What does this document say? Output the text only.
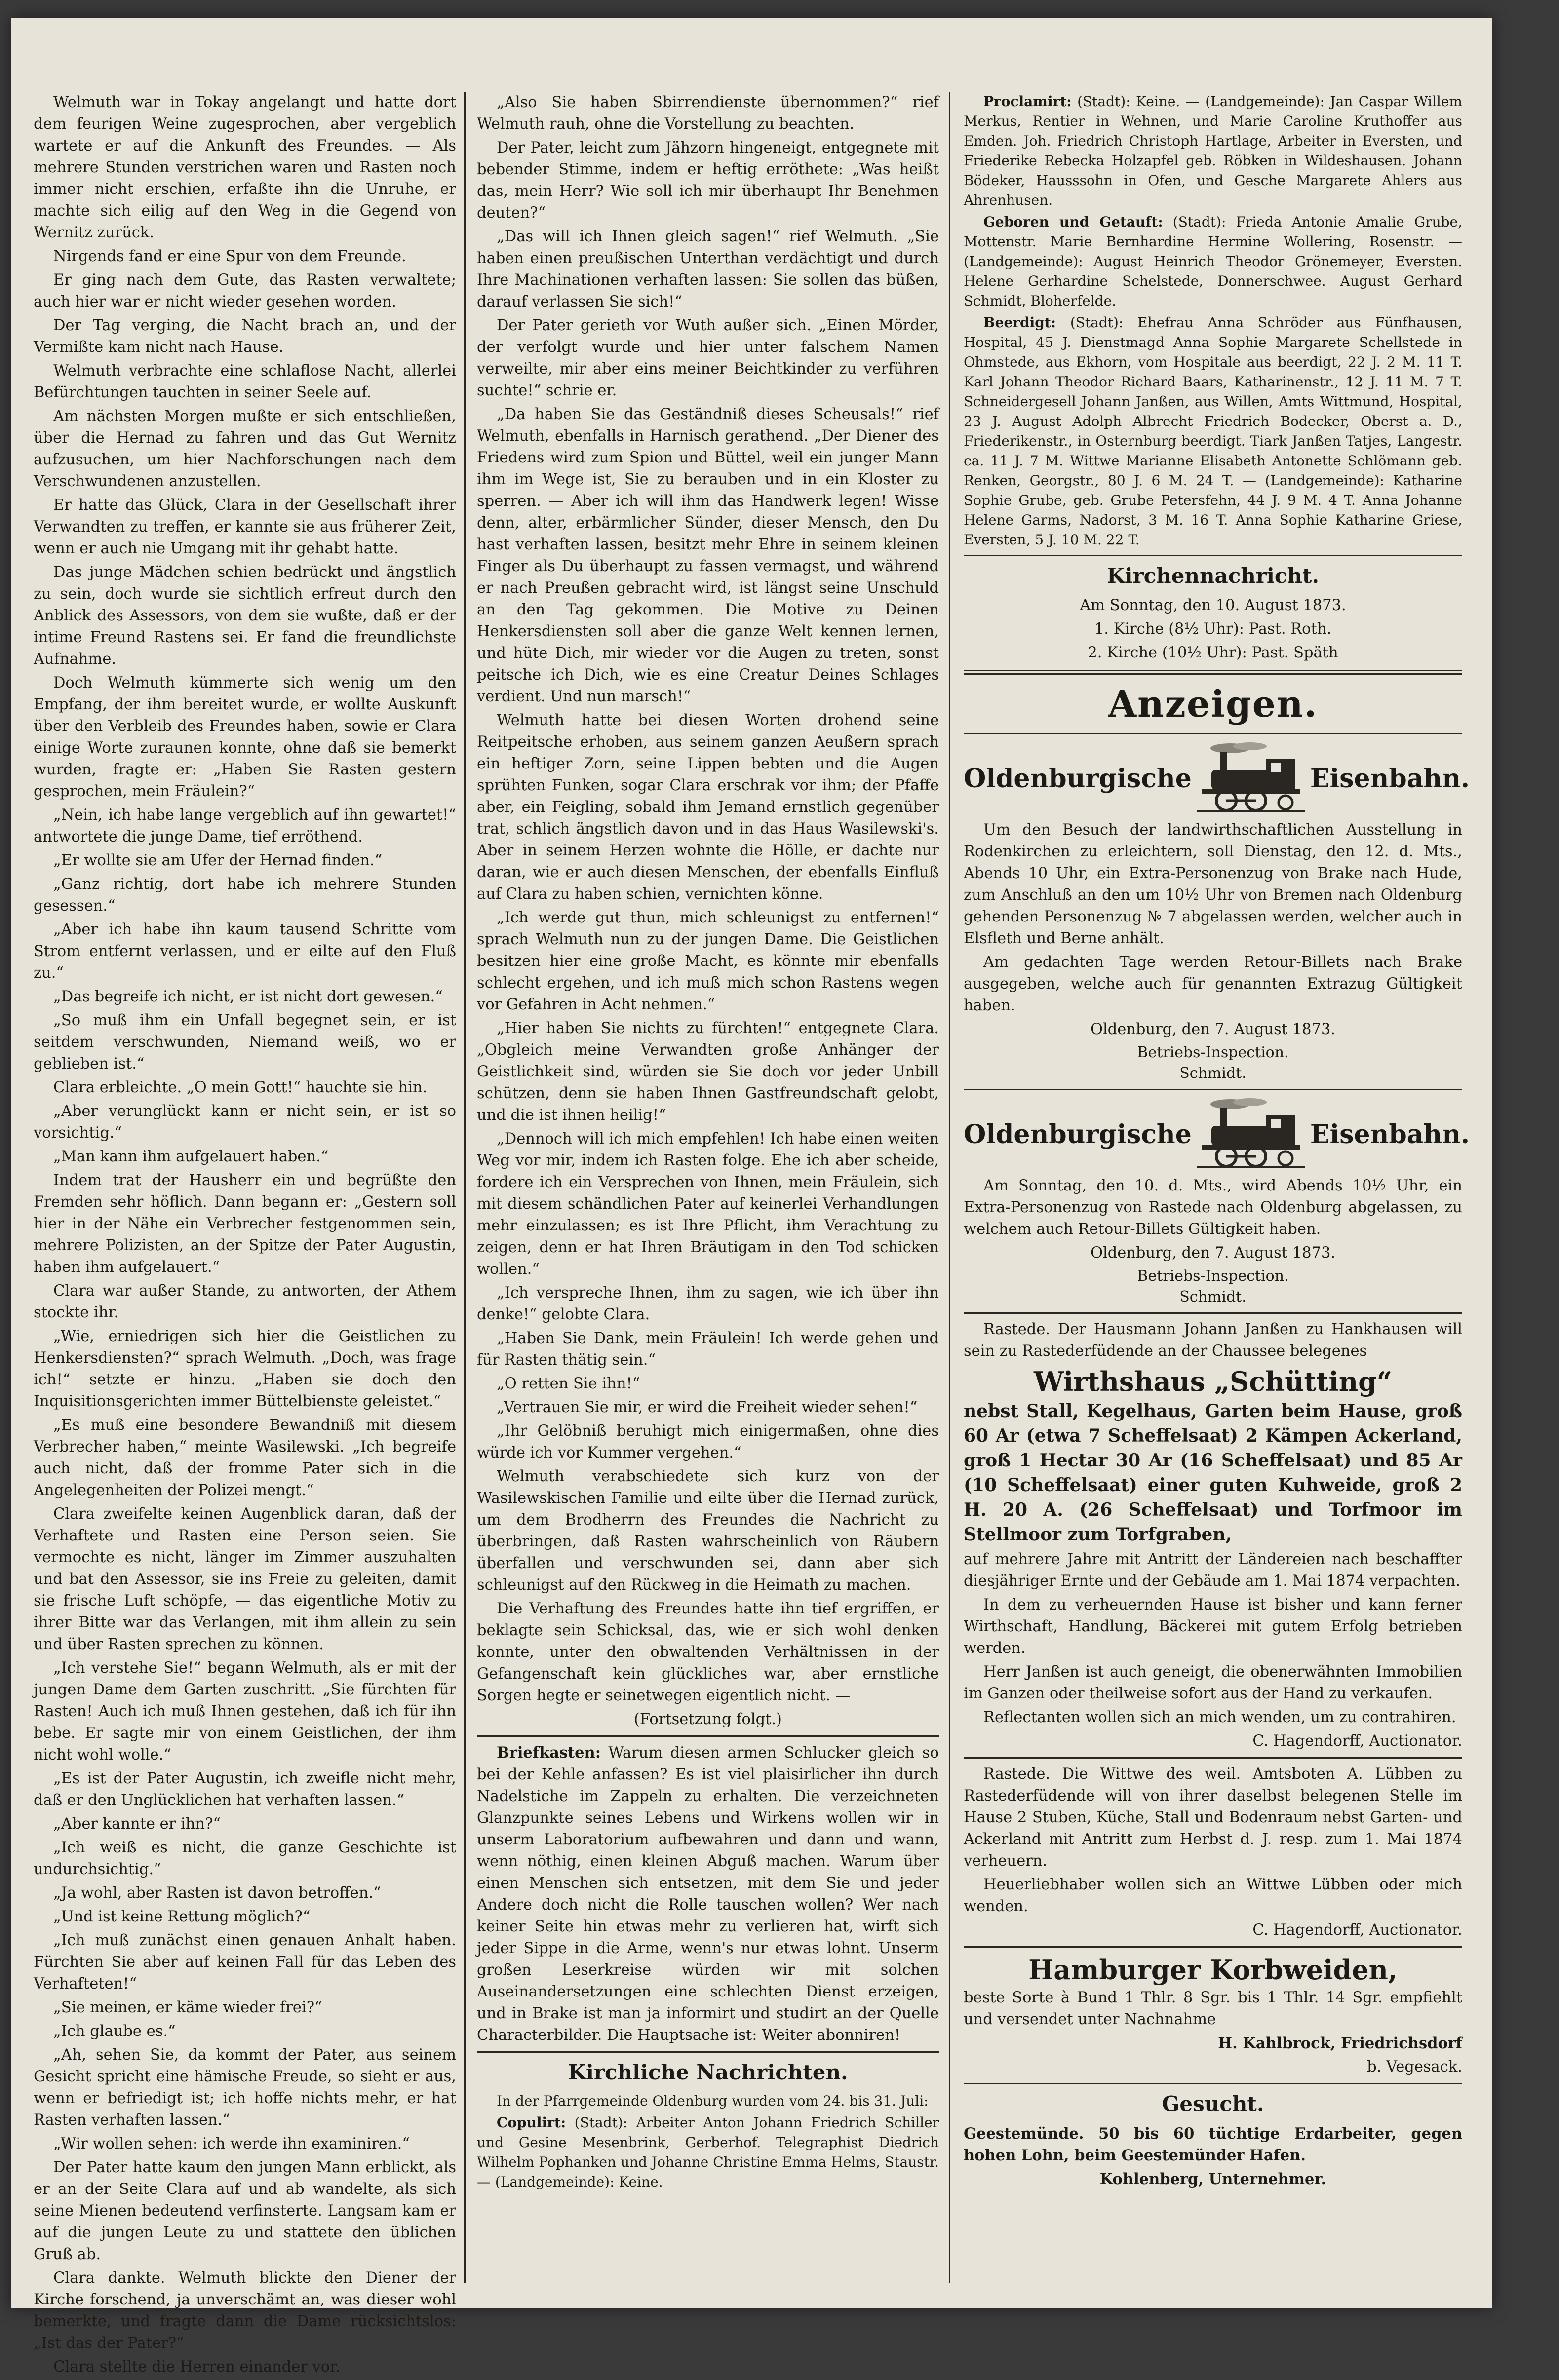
Welmuth war in Tokay angelangt und hatte dort dem feurigen Weine zugesprochen, aber vergeblich wartete er auf die Ankunft des Freundes. — Als mehrere Stunden verstrichen waren und Rasten noch immer nicht erschien, erfaßte ihn die Unruhe, er machte sich eilig auf den Weg in die Gegend von Wernitz zurück.

Nirgends fand er eine Spur von dem Freunde.

Er ging nach dem Gute, das Rasten verwaltete; auch hier war er nicht wieder gesehen worden.

Der Tag verging, die Nacht brach an, und der Vermißte kam nicht nach Hause.

Welmuth verbrachte eine schlaflose Nacht, allerlei Befürchtungen tauchten in seiner Seele auf.

Am nächsten Morgen mußte er sich entschließen, über die Hernad zu fahren und das Gut Wernitz aufzusuchen, um hier Nachforschungen nach dem Verschwundenen anzustellen.

Er hatte das Glück, Clara in der Gesellschaft ihrer Verwandten zu treffen, er kannte sie aus früherer Zeit, wenn er auch nie Umgang mit ihr gehabt hatte.

Das junge Mädchen schien bedrückt und ängstlich zu sein, doch wurde sie sichtlich erfreut durch den Anblick des Assessors, von dem sie wußte, daß er der intime Freund Rastens sei. Er fand die freundlichste Aufnahme.

Doch Welmuth kümmerte sich wenig um den Empfang, der ihm bereitet wurde, er wollte Auskunft über den Verbleib des Freundes haben, sowie er Clara einige Worte zuraunen konnte, ohne daß sie bemerkt wurden, fragte er: „Haben Sie Rasten gestern gesprochen, mein Fräulein?“

„Nein, ich habe lange vergeblich auf ihn gewartet!“ antwortete die junge Dame, tief erröthend.

„Er wollte sie am Ufer der Hernad finden.“

„Ganz richtig, dort habe ich mehrere Stunden gesessen.“

„Aber ich habe ihn kaum tausend Schritte vom Strom entfernt verlassen, und er eilte auf den Fluß zu.“

„Das begreife ich nicht, er ist nicht dort gewesen.“

„So muß ihm ein Unfall begegnet sein, er ist seitdem verschwunden, Niemand weiß, wo er geblieben ist.“

Clara erbleichte. „O mein Gott!“ hauchte sie hin.

„Aber verunglückt kann er nicht sein, er ist so vorsichtig.“

„Man kann ihm aufgelauert haben.“

Indem trat der Hausherr ein und begrüßte den Fremden sehr höflich. Dann begann er: „Gestern soll hier in der Nähe ein Verbrecher festgenommen sein, mehrere Polizisten, an der Spitze der Pater Augustin, haben ihm aufgelauert.“

Clara war außer Stande, zu antworten, der Athem stockte ihr.

„Wie, erniedrigen sich hier die Geistlichen zu Henkersdiensten?“ sprach Welmuth. „Doch, was frage ich!“ setzte er hinzu. „Haben sie doch den Inquisitionsgerichten immer Büttelbienste geleistet.“

„Es muß eine besondere Bewandniß mit diesem Verbrecher haben,“ meinte Wasilewski. „Ich begreife auch nicht, daß der fromme Pater sich in die Angelegenheiten der Polizei mengt.“

Clara zweifelte keinen Augenblick daran, daß der Verhaftete und Rasten eine Person seien. Sie vermochte es nicht, länger im Zimmer auszuhalten und bat den Assessor, sie ins Freie zu geleiten, damit sie frische Luft schöpfe, — das eigentliche Motiv zu ihrer Bitte war das Verlangen, mit ihm allein zu sein und über Rasten sprechen zu können.

„Ich verstehe Sie!“ begann Welmuth, als er mit der jungen Dame dem Garten zuschritt. „Sie fürchten für Rasten! Auch ich muß Ihnen gestehen, daß ich für ihn bebe. Er sagte mir von einem Geistlichen, der ihm nicht wohl wolle.“

„Es ist der Pater Augustin, ich zweifle nicht mehr, daß er den Unglücklichen hat verhaften lassen.“

„Aber kannte er ihn?“

„Ich weiß es nicht, die ganze Geschichte ist undurchsichtig.“

„Ja wohl, aber Rasten ist davon betroffen.“

„Und ist keine Rettung möglich?“

„Ich muß zunächst einen genauen Anhalt haben. Fürchten Sie aber auf keinen Fall für das Leben des Verhafteten!“

„Sie meinen, er käme wieder frei?“

„Ich glaube es.“

„Ah, sehen Sie, da kommt der Pater, aus seinem Gesicht spricht eine hämische Freude, so sieht er aus, wenn er befriedigt ist; ich hoffe nichts mehr, er hat Rasten verhaften lassen.“

„Wir wollen sehen: ich werde ihn examiniren.“

Der Pater hatte kaum den jungen Mann erblickt, als er an der Seite Clara auf und ab wandelte, als sich seine Mienen bedeutend verfinsterte. Langsam kam er auf die jungen Leute zu und stattete den üblichen Gruß ab.

Clara dankte. Welmuth blickte den Diener der Kirche forschend, ja unverschämt an, was dieser wohl bemerkte, und fragte dann die Dame rücksichtslos: „Ist das der Pater?“

Clara stellte die Herren einander vor.

„Also Sie haben Sbirrendienste übernommen?“ rief Welmuth rauh, ohne die Vorstellung zu beachten.

Der Pater, leicht zum Jähzorn hingeneigt, entgegnete mit bebender Stimme, indem er heftig erröthete: „Was heißt das, mein Herr? Wie soll ich mir überhaupt Ihr Benehmen deuten?“

„Das will ich Ihnen gleich sagen!“ rief Welmuth. „Sie haben einen preußischen Unterthan verdächtigt und durch Ihre Machinationen verhaften lassen: Sie sollen das büßen, darauf verlassen Sie sich!“

Der Pater gerieth vor Wuth außer sich. „Einen Mörder, der verfolgt wurde und hier unter falschem Namen verweilte, mir aber eins meiner Beichtkinder zu verführen suchte!“ schrie er.

„Da haben Sie das Geständniß dieses Scheusals!“ rief Welmuth, ebenfalls in Harnisch gerathend. „Der Diener des Friedens wird zum Spion und Büttel, weil ein junger Mann ihm im Wege ist, Sie zu berauben und in ein Kloster zu sperren. — Aber ich will ihm das Handwerk legen! Wisse denn, alter, erbärmlicher Sünder, dieser Mensch, den Du hast verhaften lassen, besitzt mehr Ehre in seinem kleinen Finger als Du überhaupt zu fassen vermagst, und während er nach Preußen gebracht wird, ist längst seine Unschuld an den Tag gekommen. Die Motive zu Deinen Henkersdiensten soll aber die ganze Welt kennen lernen, und hüte Dich, mir wieder vor die Augen zu treten, sonst peitsche ich Dich, wie es eine Creatur Deines Schlages verdient. Und nun marsch!“

Welmuth hatte bei diesen Worten drohend seine Reitpeitsche erhoben, aus seinem ganzen Aeußern sprach ein heftiger Zorn, seine Lippen bebten und die Augen sprühten Funken, sogar Clara erschrak vor ihm; der Pfaffe aber, ein Feigling, sobald ihm Jemand ernstlich gegenüber trat, schlich ängstlich davon und in das Haus Wasilewski's. Aber in seinem Herzen wohnte die Hölle, er dachte nur daran, wie er auch diesen Menschen, der ebenfalls Einfluß auf Clara zu haben schien, vernichten könne.

„Ich werde gut thun, mich schleunigst zu entfernen!“ sprach Welmuth nun zu der jungen Dame. Die Geistlichen besitzen hier eine große Macht, es könnte mir ebenfalls schlecht ergehen, und ich muß mich schon Rastens wegen vor Gefahren in Acht nehmen.“

„Hier haben Sie nichts zu fürchten!“ entgegnete Clara. „Obgleich meine Verwandten große Anhänger der Geistlichkeit sind, würden sie Sie doch vor jeder Unbill schützen, denn sie haben Ihnen Gastfreundschaft gelobt, und die ist ihnen heilig!“

„Dennoch will ich mich empfehlen! Ich habe einen weiten Weg vor mir, indem ich Rasten folge. Ehe ich aber scheide, fordere ich ein Versprechen von Ihnen, mein Fräulein, sich mit diesem schändlichen Pater auf keinerlei Verhandlungen mehr einzulassen; es ist Ihre Pflicht, ihm Verachtung zu zeigen, denn er hat Ihren Bräutigam in den Tod schicken wollen.“

„Ich verspreche Ihnen, ihm zu sagen, wie ich über ihn denke!“ gelobte Clara.

„Haben Sie Dank, mein Fräulein! Ich werde gehen und für Rasten thätig sein.“

„O retten Sie ihn!“

„Vertrauen Sie mir, er wird die Freiheit wieder sehen!“

„Ihr Gelöbniß beruhigt mich einigermaßen, ohne dies würde ich vor Kummer vergehen.“

Welmuth verabschiedete sich kurz von der Wasilewskischen Familie und eilte über die Hernad zurück, um dem Brodherrn des Freundes die Nachricht zu überbringen, daß Rasten wahrscheinlich von Räubern überfallen und verschwunden sei, dann aber sich schleunigst auf den Rückweg in die Heimath zu machen.

Die Verhaftung des Freundes hatte ihn tief ergriffen, er beklagte sein Schicksal, das, wie er sich wohl denken konnte, unter den obwaltenden Verhältnissen in der Gefangenschaft kein glückliches war, aber ernstliche Sorgen hegte er seinetwegen eigentlich nicht. —

(Fortsetzung folgt.)

Briefkasten: Warum diesen armen Schlucker gleich so bei der Kehle anfassen? Es ist viel plaisirlicher ihn durch Nadelstiche im Zappeln zu erhalten. Die verzeichneten Glanzpunkte seines Lebens und Wirkens wollen wir in unserm Laboratorium aufbewahren und dann und wann, wenn nöthig, einen kleinen Abguß machen. Warum über einen Menschen sich entsetzen, mit dem Sie und jeder Andere doch nicht die Rolle tauschen wollen? Wer nach keiner Seite hin etwas mehr zu verlieren hat, wirft sich jeder Sippe in die Arme, wenn's nur etwas lohnt. Unserm großen Leserkreise würden wir mit solchen Auseinandersetzungen eine schlechten Dienst erzeigen, und in Brake ist man ja informirt und studirt an der Quelle Characterbilder. Die Hauptsache ist: Weiter abonniren!

Kirchliche Nachrichten.

In der Pfarrgemeinde Oldenburg wurden vom 24. bis 31. Juli:

Copulirt: (Stadt): Arbeiter Anton Johann Friedrich Schiller und Gesine Mesenbrink, Gerberhof. Telegraphist Diedrich Wilhelm Pophanken und Johanne Christine Emma Helms, Staustr. — (Landgemeinde): Keine.

Proclamirt: (Stadt): Keine. — (Landgemeinde): Jan Caspar Willem Merkus, Rentier in Wehnen, und Marie Caroline Kruthoffer aus Emden. Joh. Friedrich Christoph Hartlage, Arbeiter in Eversten, und Friederike Rebecka Holzapfel geb. Röbken in Wildeshausen. Johann Bödeker, Hausssohn in Ofen, und Gesche Margarete Ahlers aus Ahrenhusen.

Geboren und Getauft: (Stadt): Frieda Antonie Amalie Grube, Mottenstr. Marie Bernhardine Hermine Wollering, Rosenstr. — (Landgemeinde): August Heinrich Theodor Grönemeyer, Eversten. Helene Gerhardine Schelstede, Donnerschwee. August Gerhard Schmidt, Bloherfelde.

Beerdigt: (Stadt): Ehefrau Anna Schröder aus Fünfhausen, Hospital, 45 J. Dienstmagd Anna Sophie Margarete Schellstede in Ohmstede, aus Ekhorn, vom Hospitale aus beerdigt, 22 J. 2 M. 11 T. Karl Johann Theodor Richard Baars, Katharinenstr., 12 J. 11 M. 7 T. Schneidergesell Johann Janßen, aus Willen, Amts Wittmund, Hospital, 23 J. August Adolph Albrecht Friedrich Bodecker, Oberst a. D., Friederikenstr., in Osternburg beerdigt. Tiark Janßen Tatjes, Langestr. ca. 11 J. 7 M. Wittwe Marianne Elisabeth Antonette Schlömann geb. Renken, Georgstr., 80 J. 6 M. 24 T. — (Landgemeinde): Katharine Sophie Grube, geb. Grube Petersfehn, 44 J. 9 M. 4 T. Anna Johanne Helene Garms, Nadorst, 3 M. 16 T. Anna Sophie Katharine Griese, Eversten, 5 J. 10 M. 22 T.

Kirchennachricht.

Am Sonntag, den 10. August 1873.

1. Kirche (8½ Uhr): Past. Roth.

2. Kirche (10½ Uhr): Past. Späth

Anzeigen.
Oldenburgische	Eisenbahn.

Um den Besuch der landwirthschaftlichen Ausstellung in Rodenkirchen zu erleichtern, soll Dienstag, den 12. d. Mts., Abends 10 Uhr, ein Extra-Personenzug von Brake nach Hude, zum Anschluß an den um 10½ Uhr von Bremen nach Oldenburg gehenden Personenzug № 7 abgelassen werden, welcher auch in Elsfleth und Berne anhält.

Am gedachten Tage werden Retour-Billets nach Brake ausgegeben, welche auch für genannten Extrazug Gültigkeit haben.

Oldenburg, den 7. August 1873.

Betriebs-Inspection.
Schmidt.
Oldenburgische	Eisenbahn.

Am Sonntag, den 10. d. Mts., wird Abends 10½ Uhr, ein Extra-Personenzug von Rastede nach Oldenburg abgelassen, zu welchem auch Retour-Billets Gültigkeit haben.

Oldenburg, den 7. August 1873.

Betriebs-Inspection.
Schmidt.

Rastede. Der Hausmann Johann Janßen zu Hankhausen will sein zu Rastederfüdende an der Chaussee belegenes

Wirthshaus „Schütting“

nebst Stall, Kegelhaus, Garten beim Hause, groß 60 Ar (etwa 7 Scheffelsaat) 2 Kämpen Ackerland, groß 1 Hectar 30 Ar (16 Scheffelsaat) und 85 Ar (10 Scheffelsaat) einer guten Kuhweide, groß 2 H. 20 A. (26 Scheffelsaat) und Torfmoor im Stellmoor zum Torfgraben,

auf mehrere Jahre mit Antritt der Ländereien nach beschaffter diesjähriger Ernte und der Gebäude am 1. Mai 1874 verpachten.

In dem zu verheuernden Hause ist bisher und kann ferner Wirthschaft, Handlung, Bäckerei mit gutem Erfolg betrieben werden.

Herr Janßen ist auch geneigt, die obenerwähnten Immobilien im Ganzen oder theilweise sofort aus der Hand zu verkaufen.

Reflectanten wollen sich an mich wenden, um zu contrahiren.

C. Hagendorff, Auctionator.

Rastede. Die Wittwe des weil. Amtsboten A. Lübben zu Rastederfüdende will von ihrer daselbst belegenen Stelle im Hause 2 Stuben, Küche, Stall und Bodenraum nebst Garten- und Ackerland mit Antritt zum Herbst d. J. resp. zum 1. Mai 1874 verheuern.

Heuerliebhaber wollen sich an Wittwe Lübben oder mich wenden.

C. Hagendorff, Auctionator.

Hamburger Korbweiden,

beste Sorte à Bund 1 Thlr. 8 Sgr. bis 1 Thlr. 14 Sgr. empfiehlt und versendet unter Nachnahme

H. Kahlbrock, Friedrichsdorf

b. Vegesack.

Gesucht.

Geestemünde. 50 bis 60 tüchtige Erdarbeiter, gegen hohen Lohn, beim Geestemünder Hafen.

Kohlenberg, Unternehmer.
